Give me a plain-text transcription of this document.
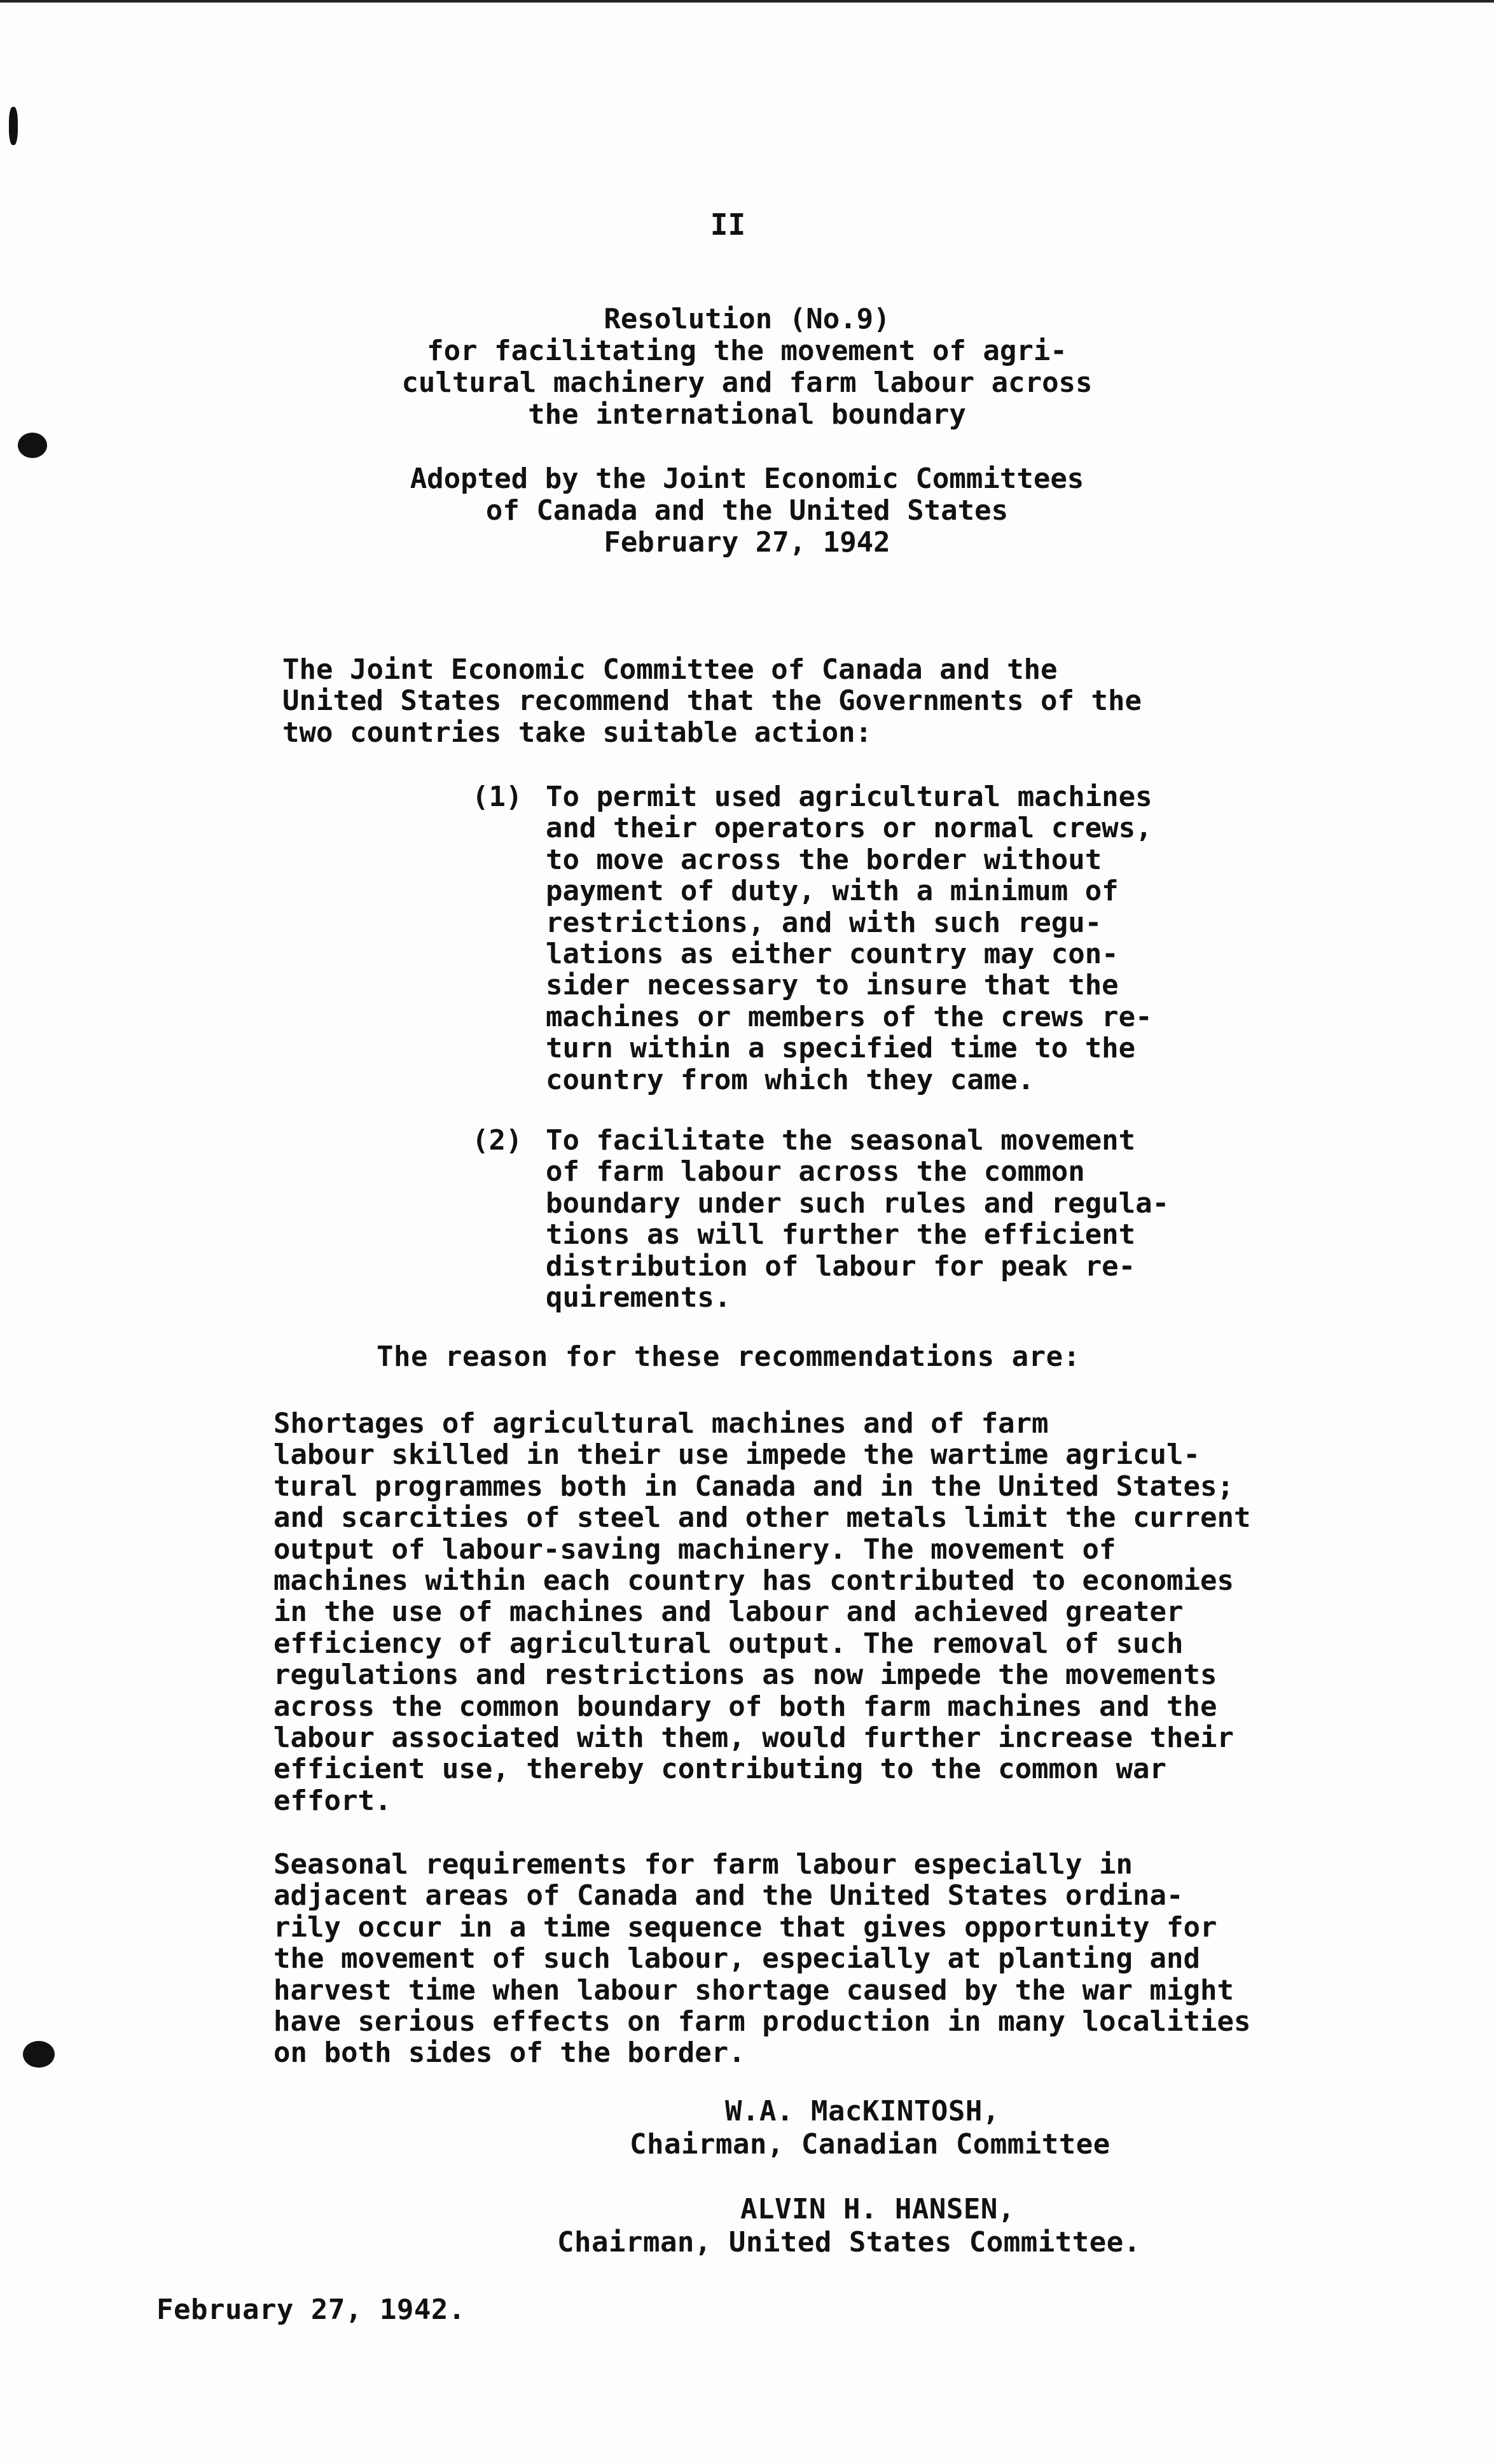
II
Resolution (No.9)
for facilitating the movement of agri-
cultural machinery and farm labour across
the international boundary
Adopted by the Joint Economic Committees
of Canada and the United States
February 27, 1942
The Joint Economic Committee of Canada and the
United States recommend that the Governments of the
two countries take suitable action:
(1) To permit used agricultural machines
and their operators or normal crews,
to move across the border without
payment of duty, with a minimum of
restrictions, and with such regu-
lations as either country may con-
sider necessary to insure that the
machines or members of the crews re-
turn within a specified time to the
country from which they came.
(2) To facilitate the seasonal movement
of farm labour across the common
boundary under such rules and regula-
tions as will further the efficient
distribution of labour for peak re-
quirements.
The reason for these recommendations are:
Shortages of agricultural machines and of farm
labour skilled in their use impede the wartime agricul-
tural programmes both in Canada and in the United States;
and scarcities of steel and other metals limit the current
output of labour-saving machinery. The movement of
machines within each country has contributed to economies
in the use of machines and labour and achieved greater
efficiency of agricultural output. The removal of such
regulations and restrictions as now impede the movements
across the common boundary of both farm machines and the
labour associated with them, would further increase their
efficient use, thereby contributing to the common war
effort.
Seasonal requirements for farm labour especially in
adjacent areas of Canada and the United States ordina-
rily occur in a time sequence that gives opportunity for
the movement of such labour, especially at planting and
harvest time when labour shortage caused by the war might
have serious effects on farm production in many localities
on both sides of the border.
W.A. MacKINTOSH,
Chairman, Canadian Committee
ALVIN H. HANSEN,
Chairman, United States Committee.
February 27, 1942.
